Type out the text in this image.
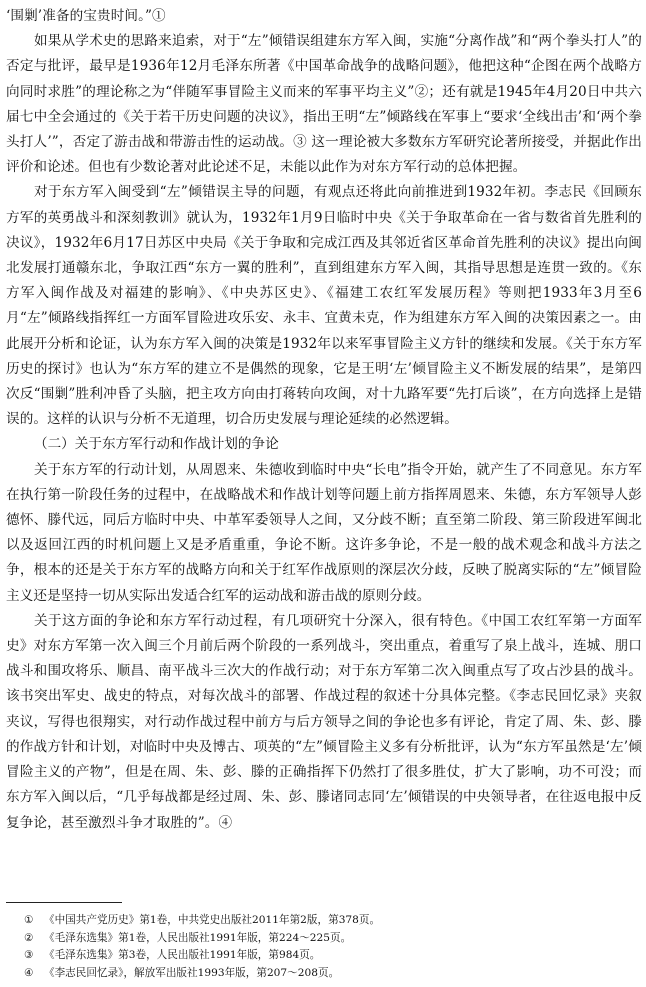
‘围剿’准备的宝贵时间。”①

如果从学术史的思路来追索，对于“左”倾错误组建东方军入闽，实施“分离作战”和“两个拳头打人”的否定与批评，最早是1936年12月毛泽东所著《中国革命战争的战略问题》，他把这种“企图在两个战略方向同时求胜”的理论称之为“伴随军事冒险主义而来的军事平均主义”②；还有就是1945年4月20日中共六届七中全会通过的《关于若干历史问题的决议》，指出王明“左”倾路线在军事上“要求‘全线出击’和‘两个拳头打人’”，否定了游击战和带游击性的运动战。③ 这一理论被大多数东方军研究论著所接受，并据此作出评价和论述。但也有少数论著对此论述不足，未能以此作为对东方军行动的总体把握。

对于东方军入闽受到“左”倾错误主导的问题，有观点还将此向前推进到1932年初。李志民《回顾东方军的英勇战斗和深刻教训》就认为，1932年1月9日临时中央《关于争取革命在一省与数省首先胜利的决议》，1932年6月17日苏区中央局《关于争取和完成江西及其邻近省区革命首先胜利的决议》提出向闽北发展打通赣东北，争取江西“东方一翼的胜利”，直到组建东方军入闽，其指导思想是连贯一致的。《东方军入闽作战及对福建的影响》、《中央苏区史》、《福建工农红军发展历程》等则把1933年3月至6月“左”倾路线指挥红一方面军冒险进攻乐安、永丰、宜黄未克，作为组建东方军入闽的决策因素之一。由此展开分析和论证，认为东方军入闽的决策是1932年以来军事冒险主义方针的继续和发展。《关于东方军历史的探讨》也认为“东方军的建立不是偶然的现象，它是王明‘左’倾冒险主义不断发展的结果”，是第四次反“围剿”胜利冲昏了头脑，把主攻方向由打蒋转向攻闽，对十九路军要“先打后谈”，在方向选择上是错误的。这样的认识与分析不无道理，切合历史发展与理论延续的必然逻辑。

（二）关于东方军行动和作战计划的争论

关于东方军的行动计划，从周恩来、朱德收到临时中央“长电”指令开始，就产生了不同意见。东方军在执行第一阶段任务的过程中，在战略战术和作战计划等问题上前方指挥周恩来、朱德，东方军领导人彭德怀、滕代远，同后方临时中央、中革军委领导人之间，又分歧不断；直至第二阶段、第三阶段进军闽北以及返回江西的时机问题上又是矛盾重重，争论不断。这许多争论，不是一般的战术观念和战斗方法之争，根本的还是关于东方军的战略方向和关于红军作战原则的深层次分歧，反映了脱离实际的“左”倾冒险主义还是坚持一切从实际出发适合红军的运动战和游击战的原则分歧。

关于这方面的争论和东方军行动过程，有几项研究十分深入，很有特色。《中国工农红军第一方面军史》对东方军第一次入闽三个月前后两个阶段的一系列战斗，突出重点，着重写了泉上战斗，连城、朋口战斗和围攻将乐、顺昌、南平战斗三次大的作战行动；对于东方军第二次入闽重点写了攻占沙县的战斗。该书突出军史、战史的特点，对每次战斗的部署、作战过程的叙述十分具体完整。《李志民回忆录》夹叙夹议，写得也很翔实，对行动作战过程中前方与后方领导之间的争论也多有评论，肯定了周、朱、彭、滕的作战方针和计划，对临时中央及博古、项英的“左”倾冒险主义多有分析批评，认为“东方军虽然是‘左’倾冒险主义的产物”，但是在周、朱、彭、滕的正确指挥下仍然打了很多胜仗，扩大了影响，功不可没；而东方军入闽以后，“几乎每战都是经过周、朱、彭、滕诸同志同‘左’倾错误的中央领导者，在往返电报中反复争论，甚至激烈斗争才取胜的”。④

① 《中国共产党历史》第1卷，中共党史出版社2011年第2版，第378页。

② 《毛泽东选集》第1卷，人民出版社1991年版，第224～225页。

③ 《毛泽东选集》第3卷，人民出版社1991年版，第984页。

④ 《李志民回忆录》，解放军出版社1993年版，第207～208页。
